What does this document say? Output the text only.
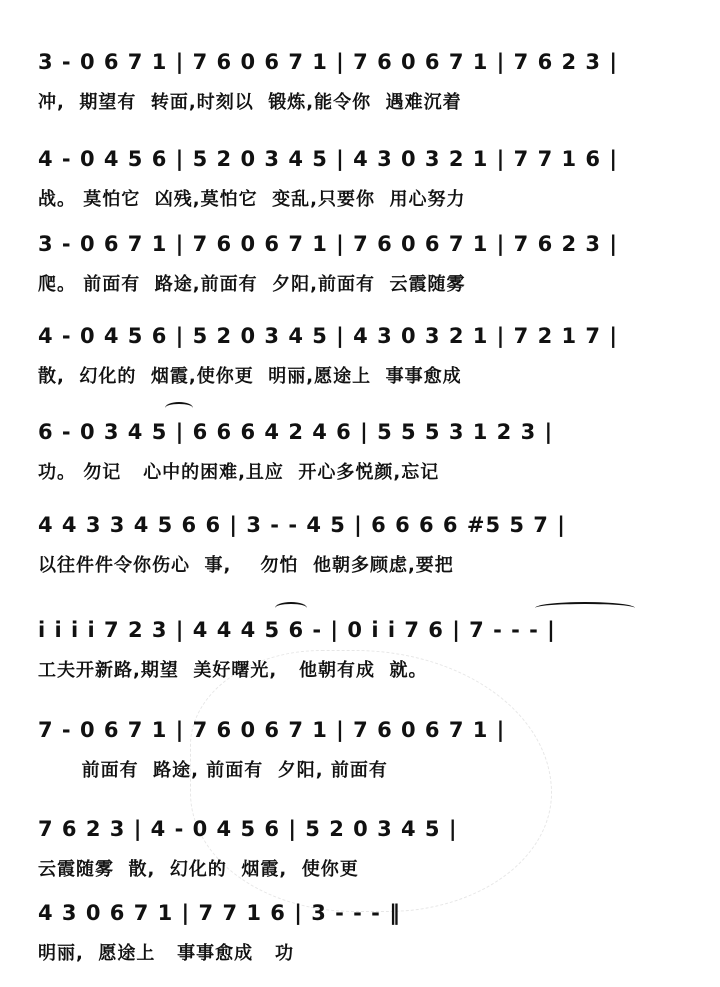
3 - 0 6 7 1 | 7 6 0 6 7 1 | 7 6 0 6 7 1 | 7 6 2 3 |
冲,  期望有  转面,时刻以  锻炼,能令你  遇难沉着
4 - 0 4 5 6 | 5 2 0 3 4 5 | 4 3 0 3 2 1 | 7 7 1 6 |
战。 莫怕它  凶残,莫怕它  变乱,只要你  用心努力
3 - 0 6 7 1 | 7 6 0 6 7 1 | 7 6 0 6 7 1 | 7 6 2 3 |
爬。 前面有  路途,前面有  夕阳,前面有  云霞随雾
4 - 0 4 5 6 | 5 2 0 3 4 5 | 4 3 0 3 2 1 | 7 2 1 7 |
散,  幻化的  烟霞,使你更  明丽,愿途上  事事愈成
6 - 0 3 4 5 | 6 6 6 4 2 4 6 | 5 5 5 3 1 2 3 |
功。 勿记   心中的困难,且应  开心多悦颜,忘记
4 4 3 3 4 5 6 6 | 3 - - 4 5 | 6 6 6 6 #5 5 7 |
以往件件令你伤心  事,    勿怕  他朝多顾虑,要把
i i i i 7 2 3 | 4 4 4 5 6 - | 0 i i 7 6 | 7 - - - |
工夫开新路,期望  美好曙光,   他朝有成  就。
7 - 0 6 7 1 | 7 6 0 6 7 1 | 7 6 0 6 7 1 |
前面有  路途, 前面有  夕阳, 前面有
7 6 2 3 | 4 - 0 4 5 6 | 5 2 0 3 4 5 |
云霞随雾  散,  幻化的  烟霞,  使你更
4 3 0 6 7 1 | 7 7 1 6 | 3 - - - ‖
明丽,  愿途上   事事愈成   功
